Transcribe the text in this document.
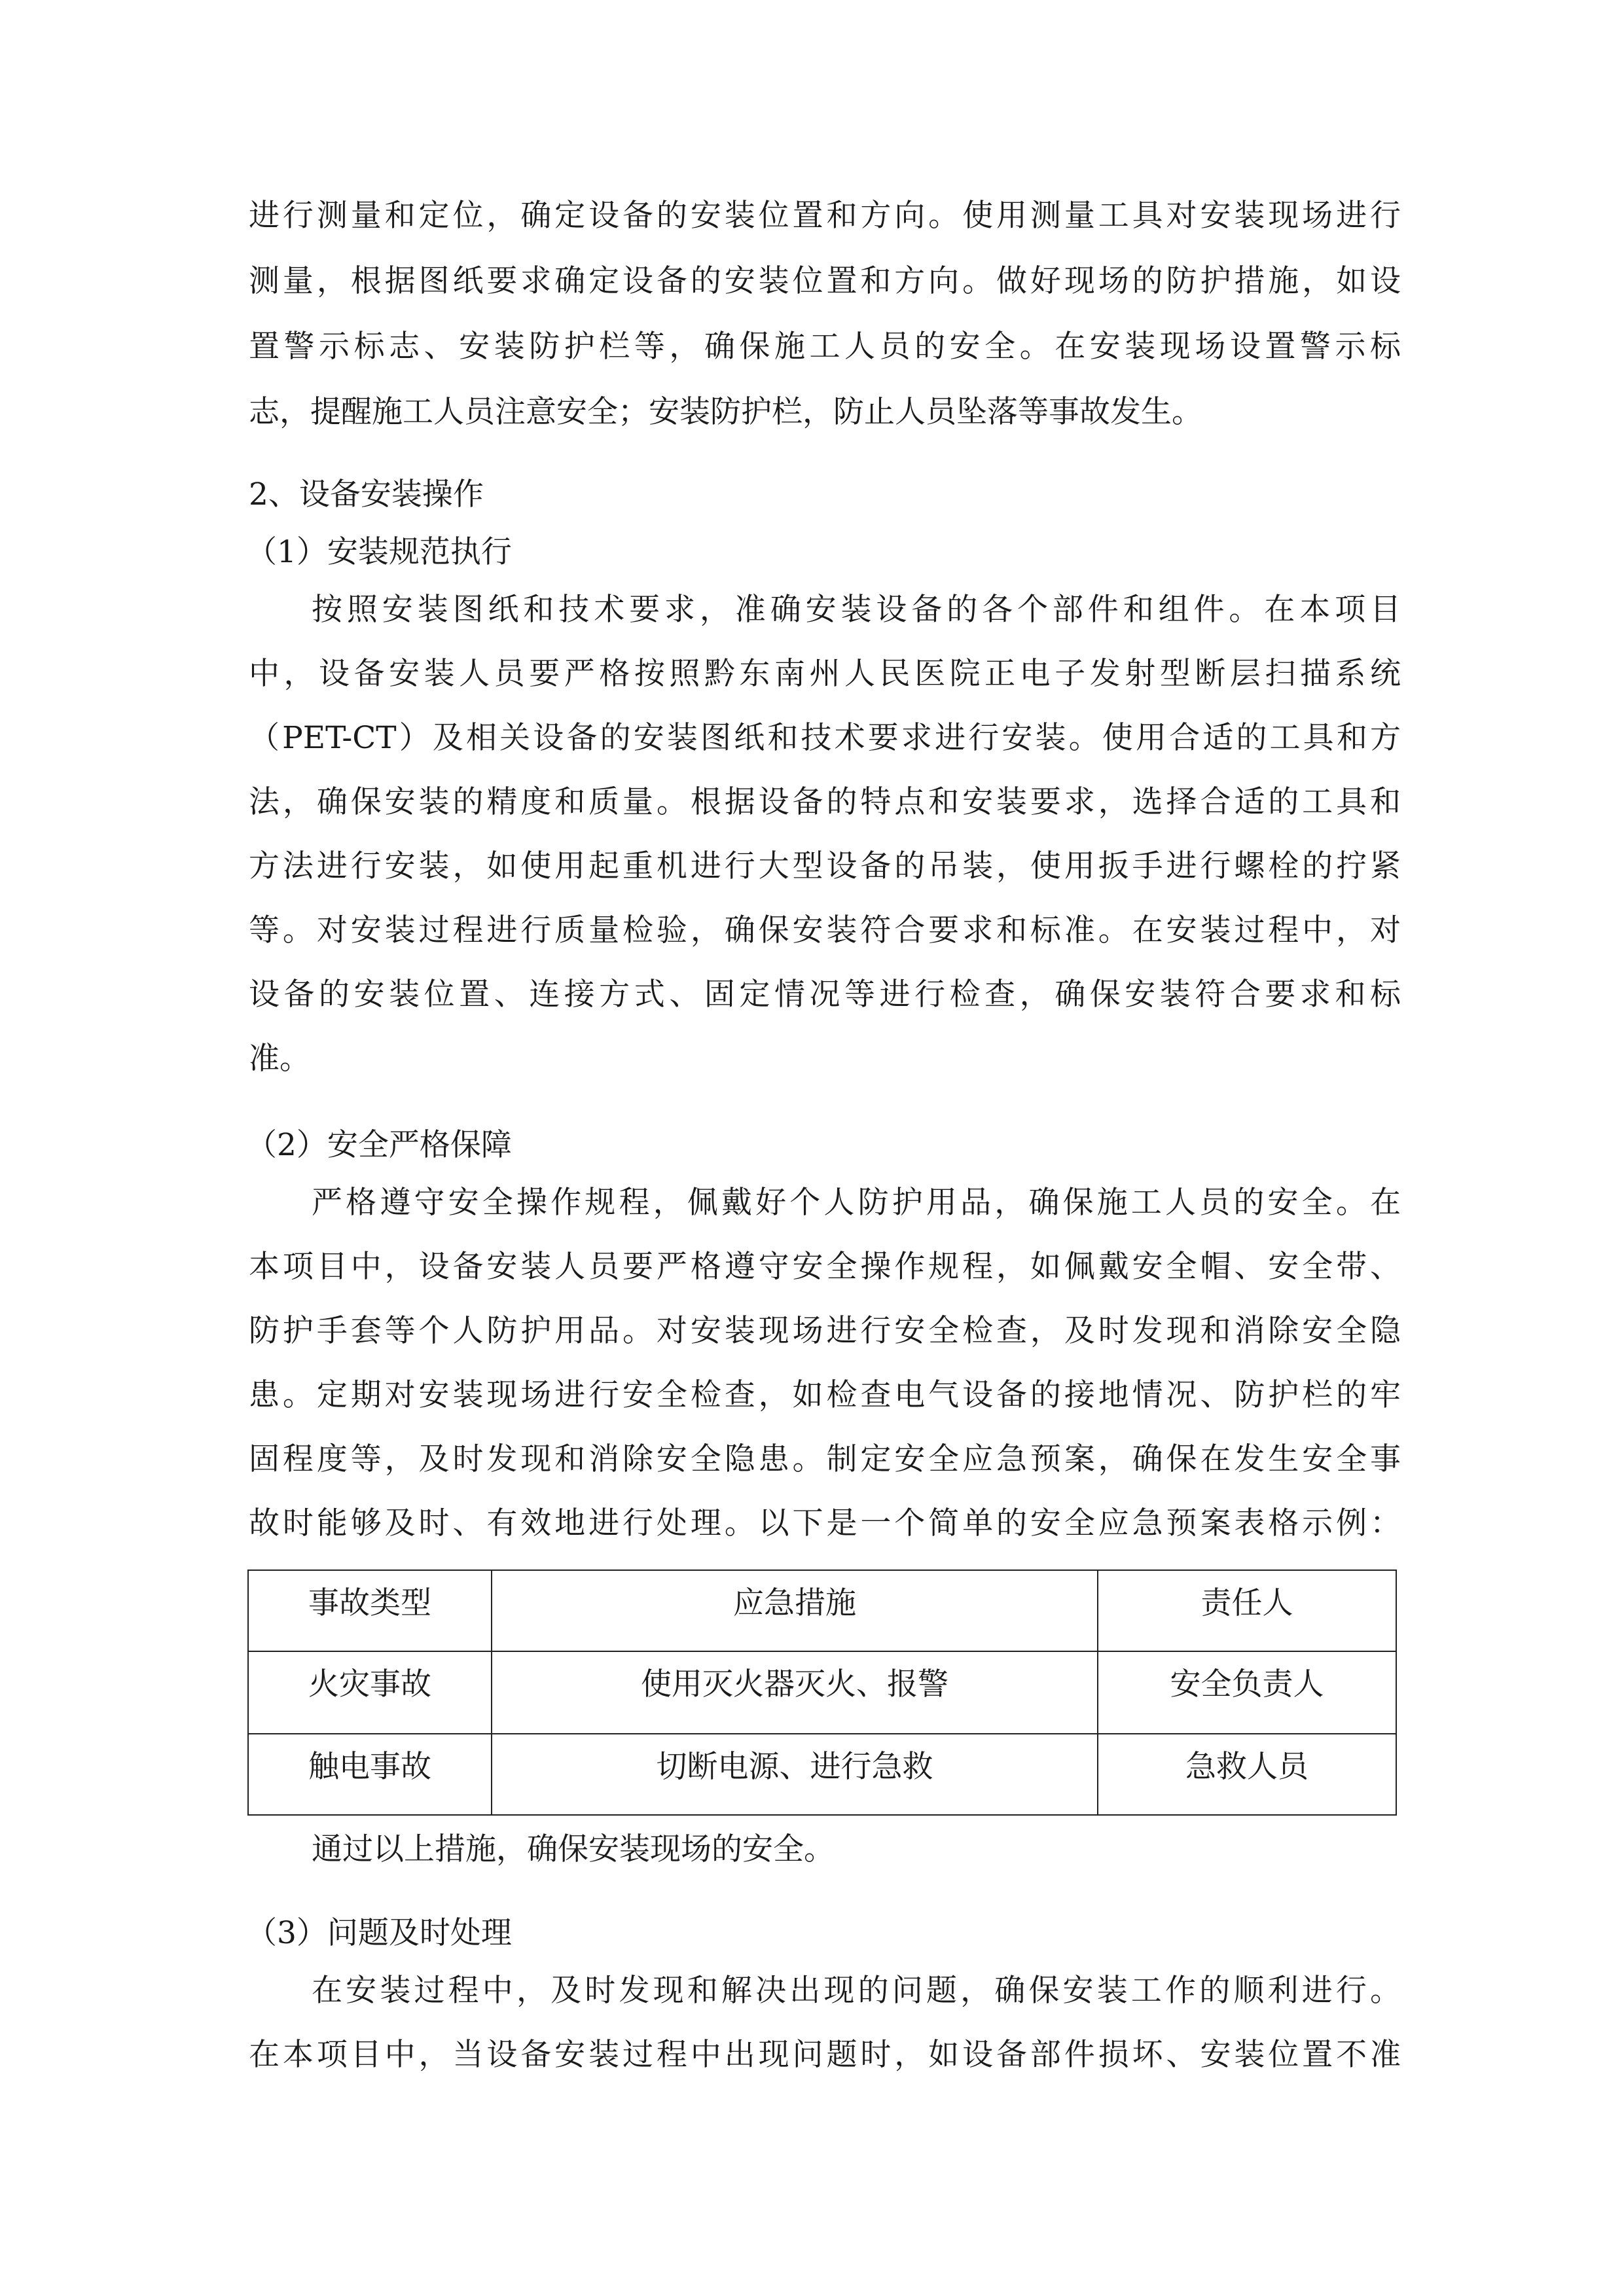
进行测量和定位，确定设备的安装位置和方向。使用测量工具对安装现场进行
测量，根据图纸要求确定设备的安装位置和方向。做好现场的防护措施，如设
置警示标志、安装防护栏等，确保施工人员的安全。在安装现场设置警示标
志，提醒施工人员注意安全；安装防护栏，防止人员坠落等事故发生。
2、设备安装操作
（1）安装规范执行
按照安装图纸和技术要求，准确安装设备的各个部件和组件。在本项目
中，设备安装人员要严格按照黔东南州人民医院正电子发射型断层扫描系统
（PET-CT）及相关设备的安装图纸和技术要求进行安装。使用合适的工具和方
法，确保安装的精度和质量。根据设备的特点和安装要求，选择合适的工具和
方法进行安装，如使用起重机进行大型设备的吊装，使用扳手进行螺栓的拧紧
等。对安装过程进行质量检验，确保安装符合要求和标准。在安装过程中，对
设备的安装位置、连接方式、固定情况等进行检查，确保安装符合要求和标
准。
（2）安全严格保障
严格遵守安全操作规程，佩戴好个人防护用品，确保施工人员的安全。在
本项目中，设备安装人员要严格遵守安全操作规程，如佩戴安全帽、安全带、
防护手套等个人防护用品。对安装现场进行安全检查，及时发现和消除安全隐
患。定期对安装现场进行安全检查，如检查电气设备的接地情况、防护栏的牢
固程度等，及时发现和消除安全隐患。制定安全应急预案，确保在发生安全事
故时能够及时、有效地进行处理。以下是一个简单的安全应急预案表格示例：
事故类型	应急措施	责任人
火灾事故	使用灭火器灭火、报警	安全负责人
触电事故	切断电源、进行急救	急救人员
通过以上措施，确保安装现场的安全。
（3）问题及时处理
在安装过程中，及时发现和解决出现的问题，确保安装工作的顺利进行。
在本项目中，当设备安装过程中出现问题时，如设备部件损坏、安装位置不准
